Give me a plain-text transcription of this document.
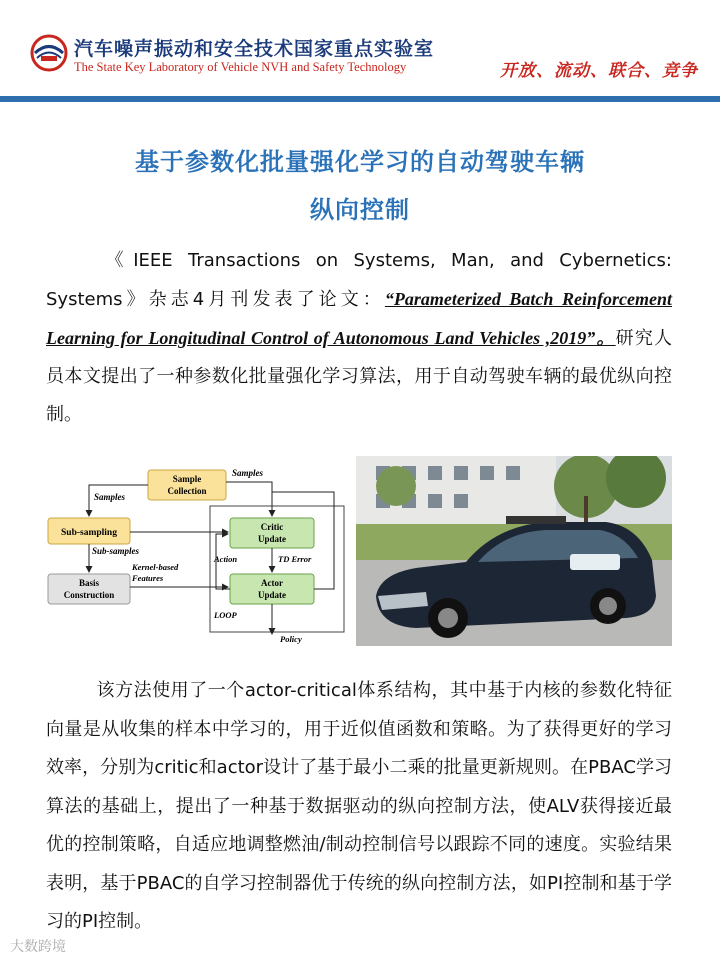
汽车噪声振动和安全技术国家重点实验室
The State Key Laboratory of Vehicle NVH and Safety Technology	开放、流动、联合、竞争
基于参数化批量强化学习的自动驾驶车辆
纵向控制
《IEEE Transactions on Systems, Man, and Cybernetics: Systems》杂志4月刊发表了论文：“Parameterized Batch Reinforcement Learning for Longitudinal Control of Autonomous Land Vehicles ,2019”。研究人员本文提出了一种参数化批量强化学习算法，用于自动驾驶车辆的最优纵向控制。
Sample
Collection
Sub-sampling
Basis
Construction
Critic
Update
Actor
Update
Samples
Samples
Sub-samples
Kernel-based
Features
Action	TD Error
LOOP
Policy
该方法使用了一个actor-critical体系结构，其中基于内核的参数化特征向量是从收集的样本中学习的，用于近似值函数和策略。为了获得更好的学习效率，分别为critic和actor设计了基于最小二乘的批量更新规则。在PBAC学习算法的基础上，提出了一种基于数据驱动的纵向控制方法，使ALV获得接近最优的控制策略，自适应地调整燃油/制动控制信号以跟踪不同的速度。实验结果表明，基于PBAC的自学习控制器优于传统的纵向控制方法，如PI控制和基于学习的PI控制。
大数跨境
